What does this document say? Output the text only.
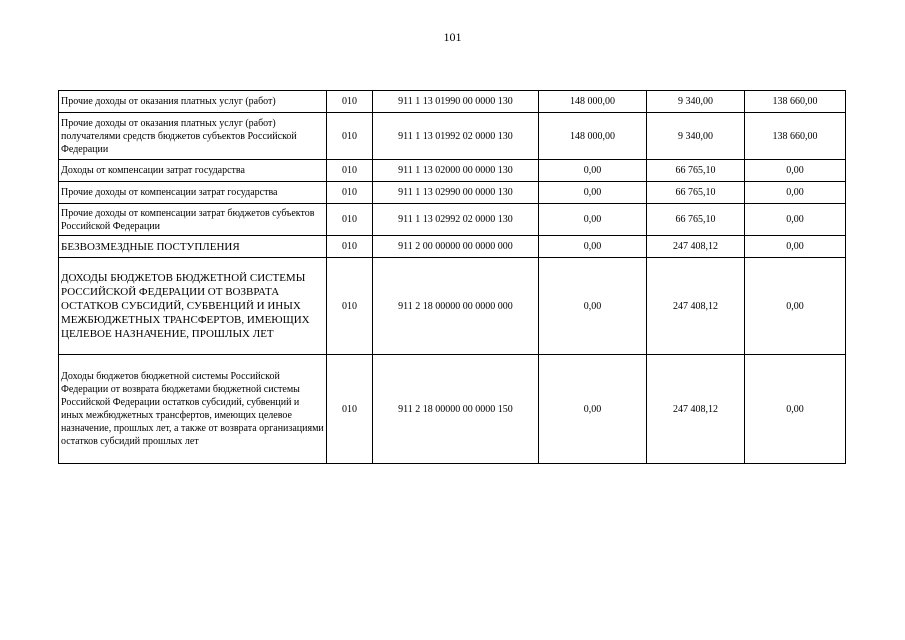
101
Прочие доходы от оказания платных услуг (работ)	010	911 1 13 01990 00 0000 130	148 000,00	9 340,00	138 660,00
Прочие доходы от оказания платных услуг (работ) получателями средств бюджетов субъектов Российской Федерации	010	911 1 13 01992 02 0000 130	148 000,00	9 340,00	138 660,00
Доходы от компенсации затрат государства	010	911 1 13 02000 00 0000 130	0,00	66 765,10	0,00
Прочие доходы от компенсации затрат государства	010	911 1 13 02990 00 0000 130	0,00	66 765,10	0,00
Прочие доходы от компенсации затрат бюджетов субъектов Российской Федерации	010	911 1 13 02992 02 0000 130	0,00	66 765,10	0,00
БЕЗВОЗМЕЗДНЫЕ ПОСТУПЛЕНИЯ	010	911 2 00 00000 00 0000 000	0,00	247 408,12	0,00
ДОХОДЫ БЮДЖЕТОВ БЮДЖЕТНОЙ СИСТЕМЫ РОССИЙСКОЙ ФЕДЕРАЦИИ ОТ ВОЗВРАТА ОСТАТКОВ СУБСИДИЙ, СУБВЕНЦИЙ И ИНЫХ МЕЖБЮДЖЕТНЫХ ТРАНСФЕРТОВ, ИМЕЮЩИХ ЦЕЛЕВОЕ НАЗНАЧЕНИЕ, ПРОШЛЫХ ЛЕТ	010	911 2 18 00000 00 0000 000	0,00	247 408,12	0,00
Доходы бюджетов бюджетной системы Российской Федерации от возврата бюджетами бюджетной системы Российской Федерации остатков субсидий, субвенций и иных межбюджетных трансфертов, имеющих целевое назначение, прошлых лет, а также от возврата организациями остатков субсидий прошлых лет	010	911 2 18 00000 00 0000 150	0,00	247 408,12	0,00
